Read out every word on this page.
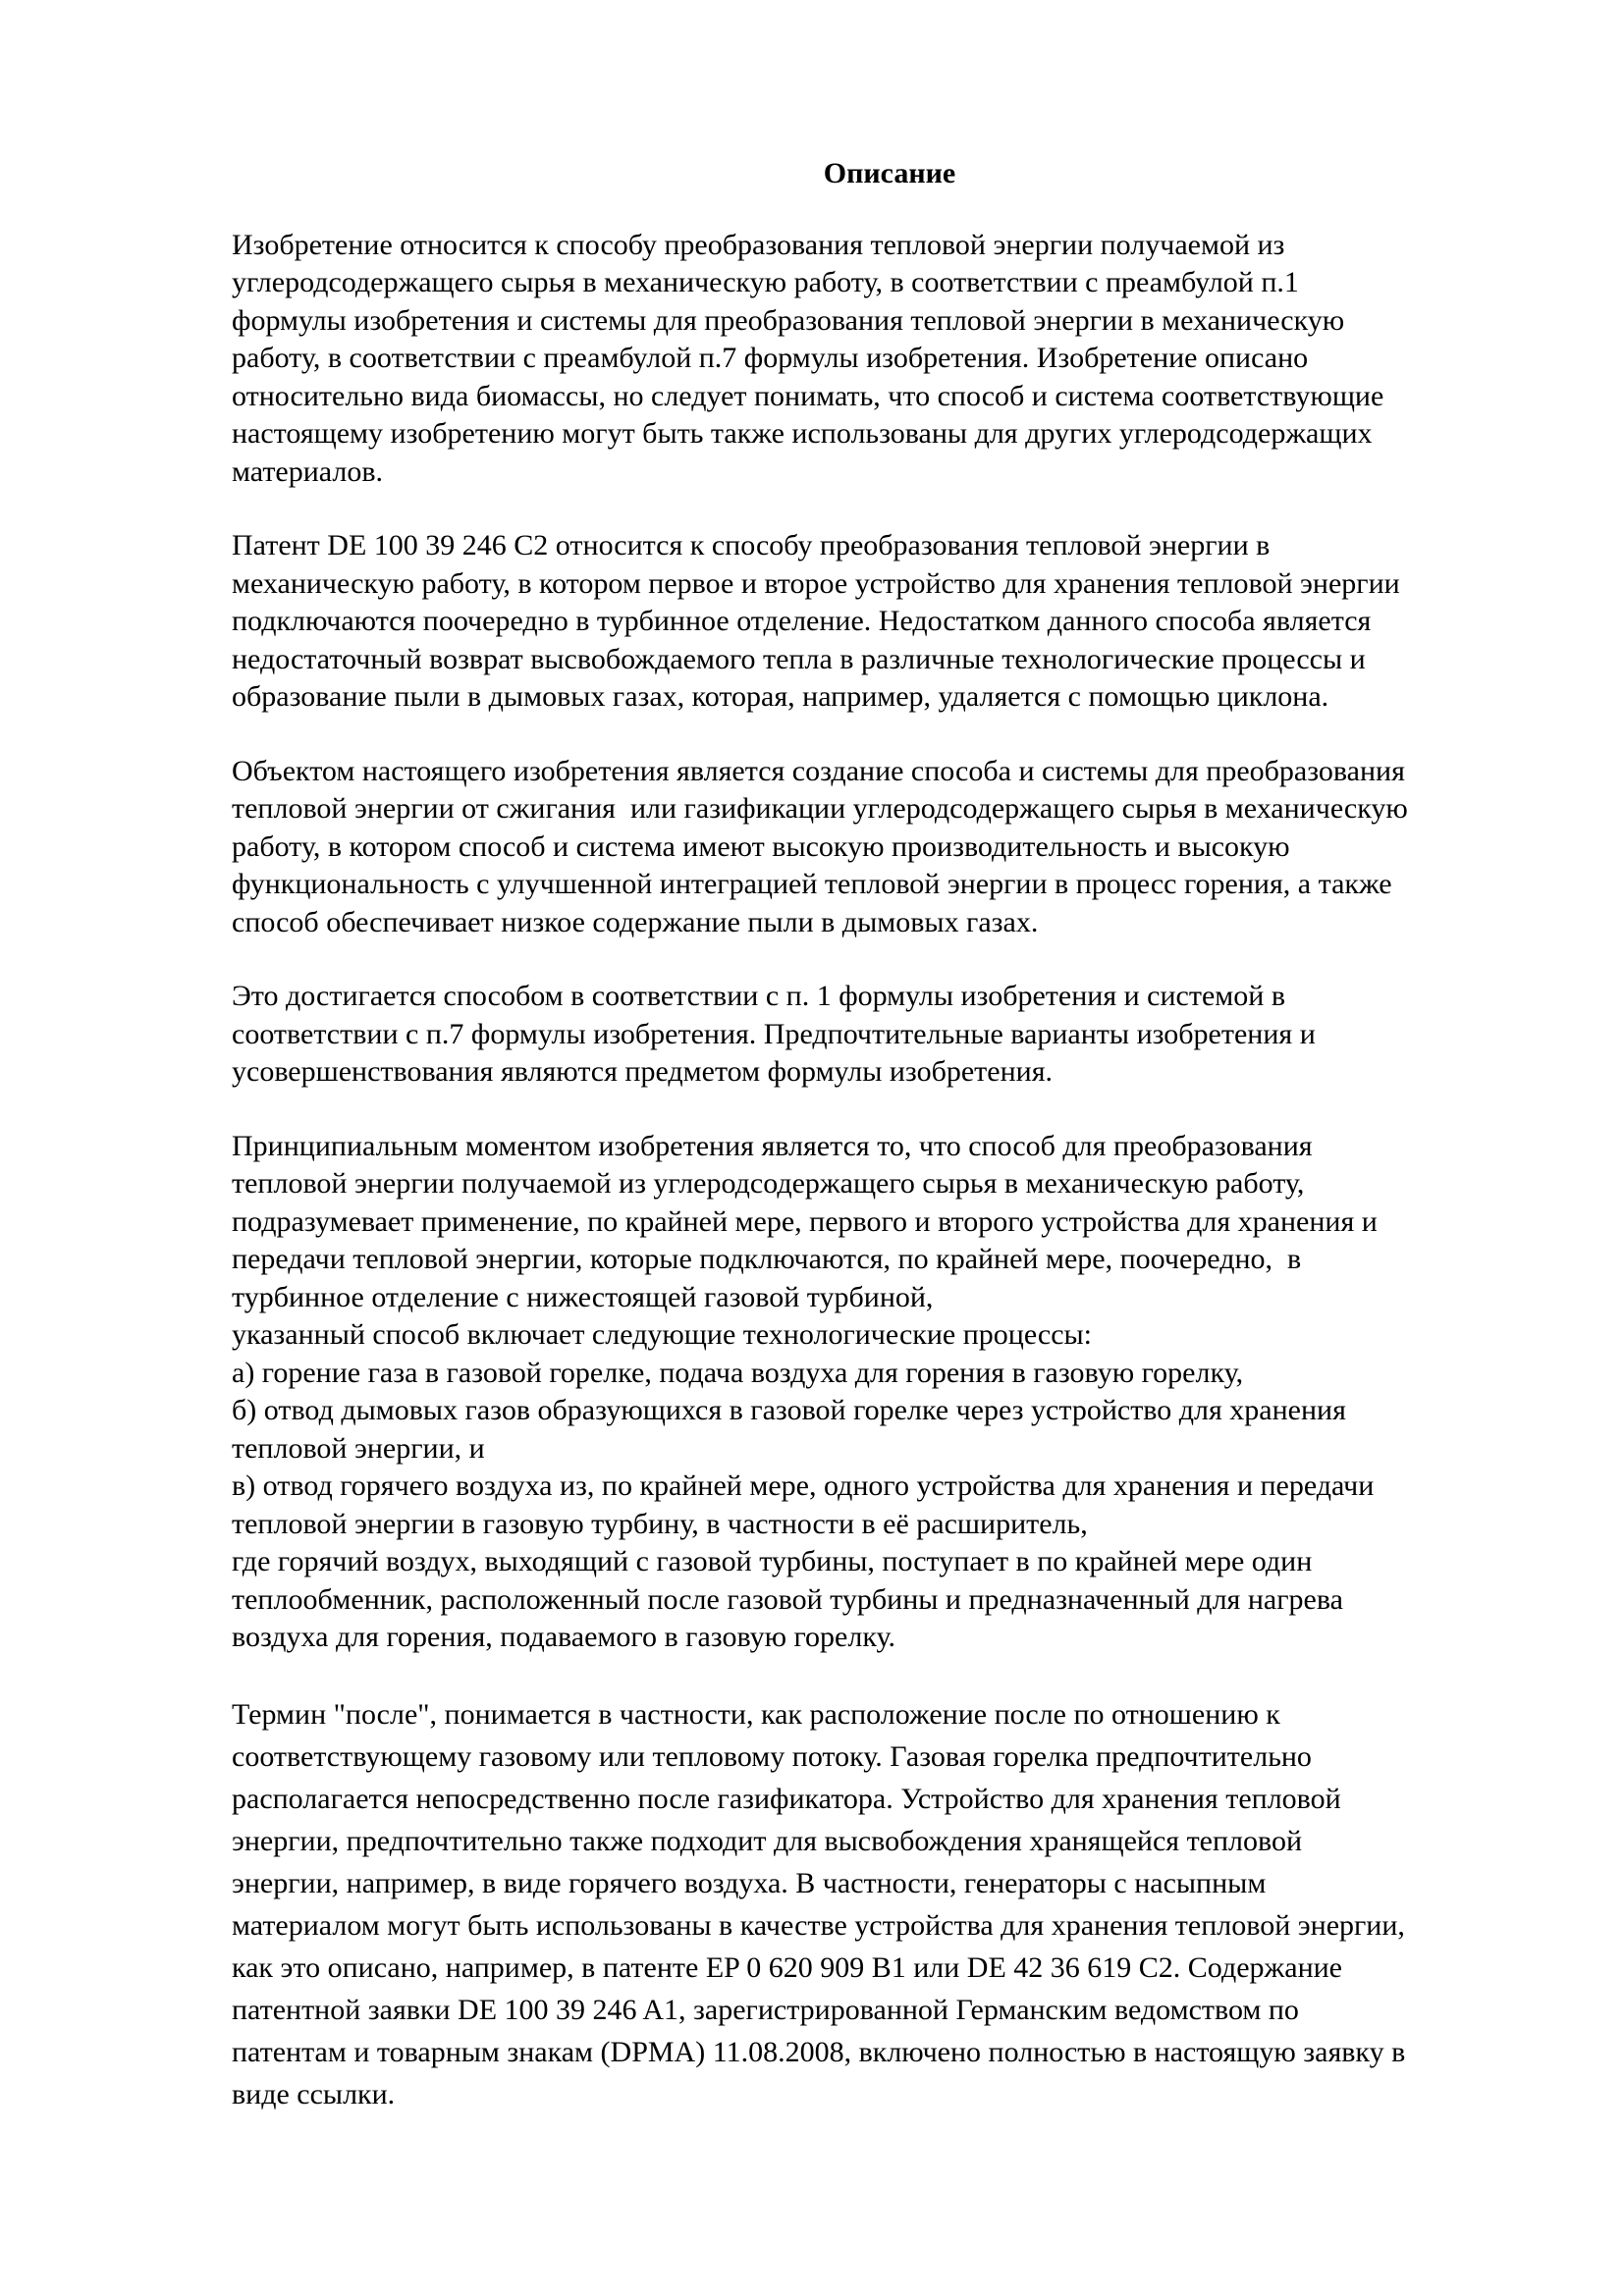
Описание
Изобретение относится к способу преобразования тепловой энергии получаемой из
углеродсодержащего сырья в механическую работу, в соответствии с преамбулой п.1
формулы изобретения и системы для преобразования тепловой энергии в механическую
работу, в соответствии с преамбулой п.7 формулы изобретения. Изобретение описано
относительно вида биомассы, но следует понимать, что способ и система соответствующие
настоящему изобретению могут быть также использованы для других углеродсодержащих
материалов.
Патент DE 100 39 246 C2 относится к способу преобразования тепловой энергии в
механическую работу, в котором первое и второе устройство для хранения тепловой энергии
подключаются поочередно в турбинное отделение. Недостатком данного способа является
недостаточный возврат высвобождаемого тепла в различные технологические процессы и
образование пыли в дымовых газах, которая, например, удаляется с помощью циклона.
Объектом настоящего изобретения является создание способа и системы для преобразования
тепловой энергии от сжигания  или газификации углеродсодержащего сырья в механическую
работу, в котором способ и система имеют высокую производительность и высокую
функциональность с улучшенной интеграцией тепловой энергии в процесс горения, а также
способ обеспечивает низкое содержание пыли в дымовых газах.
Это достигается способом в соответствии с п. 1 формулы изобретения и системой в
соответствии с п.7 формулы изобретения. Предпочтительные варианты изобретения и
усовершенствования являются предметом формулы изобретения.
Принципиальным моментом изобретения является то, что способ для преобразования
тепловой энергии получаемой из углеродсодержащего сырья в механическую работу,
подразумевает применение, по крайней мере, первого и второго устройства для хранения и
передачи тепловой энергии, которые подключаются, по крайней мере, поочередно,  в
турбинное отделение с нижестоящей газовой турбиной,
указанный способ включает следующие технологические процессы:
а) горение газа в газовой горелке, подача воздуха для горения в газовую горелку,
б) отвод дымовых газов образующихся в газовой горелке через устройство для хранения
тепловой энергии, и
в) отвод горячего воздуха из, по крайней мере, одного устройства для хранения и передачи
тепловой энергии в газовую турбину, в частности в её расширитель,
где горячий воздух, выходящий с газовой турбины, поступает в по крайней мере один
теплообменник, расположенный после газовой турбины и предназначенный для нагрева
воздуха для горения, подаваемого в газовую горелку.
Термин "после", понимается в частности, как расположение после по отношению к
соответствующему газовому или тепловому потоку. Газовая горелка предпочтительно
располагается непосредственно после газификатора. Устройство для хранения тепловой
энергии, предпочтительно также подходит для высвобождения хранящейся тепловой
энергии, например, в виде горячего воздуха. В частности, генераторы с насыпным
материалом могут быть использованы в качестве устройства для хранения тепловой энергии,
как это описано, например, в патенте EP 0 620 909 B1 или DE 42 36 619 C2. Содержание
патентной заявки DE 100 39 246 A1, зарегистрированной Германским ведомством по
патентам и товарным знакам (DPMA) 11.08.2008, включено полностью в настоящую заявку в
виде ссылки.
